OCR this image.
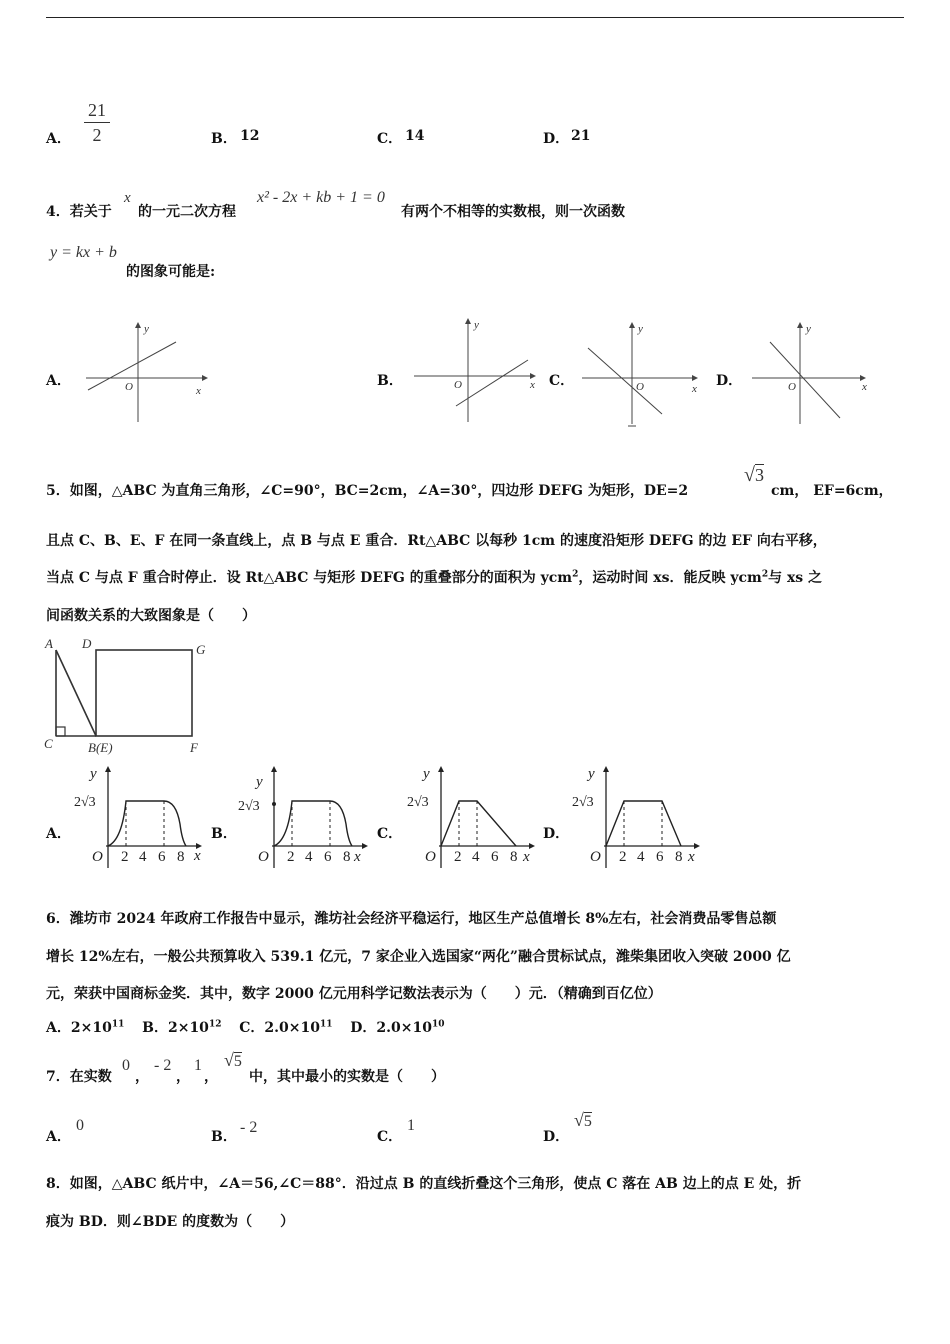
A．
21
2	B． 12	C． 14	D． 21
4．若关于
x
的一元二次方程
x² - 2x + kb + 1 = 0
有两个不相等的实数根，则一次函数
y = kx + b
的图象可能是:
A．	B．	C．	D．
y
x
O
y
x
O
y
x
O
y
x
O
5．如图，△ABC 为直角三角形，∠C=90°，BC=2cm，∠A=30°，四边形 DEFG 为矩形，DE=2
√3
cm， EF=6cm，
且点 C、B、E、F 在同一条直线上，点 B 与点 E 重合．Rt△ABC 以每秒 1cm 的速度沿矩形 DEFG 的边 EF 向右平移，
当点 C 与点 F 重合时停止．设 Rt△ABC 与矩形 DEFG 的重叠部分的面积为 ycm$^2$，运动时间 xs．能反映 ycm$^2$与 xs 之
间函数关系的大致图象是（　　）
A D	G
C	B(E)	F
A．	B．	C．	D．
y
x
O
2√3
2 4 6 8
y
x
O
2√3
2 4 6 8
y
x
O
2√3
2 4 6 8
y
x
O
2√3
2 4 6 8
6．潍坊市 2024 年政府工作报告中显示，潍坊社会经济平稳运行，地区生产总值增长 8%左右，社会消费品零售总额
增长 12%左右，一般公共预算收入 539.1 亿元，7 家企业入选国家“两化”融合贯标试点，潍柴集团收入突破 2000 亿
元，荣获中国商标金奖．其中，数字 2000 亿元用科学记数法表示为（　　）元．（精确到百亿位）
A．$2\times 10^{11}$ B．$2\times 10^{12}$ C．$2.0\times 10^{11}$ D．$2.0\times 10^{10}$
7．在实数
0
，
- 2
，
1
，
√5
中，其中最小的实数是（　　）
A．
0
B．
- 2
C．
1
D．
√5
8．如图，△ABC 纸片中，∠A＝56,∠C＝88°．沿过点 B 的直线折叠这个三角形，使点 C 落在 AB 边上的点 E 处，折
痕为 BD．则∠BDE 的度数为（　　）
